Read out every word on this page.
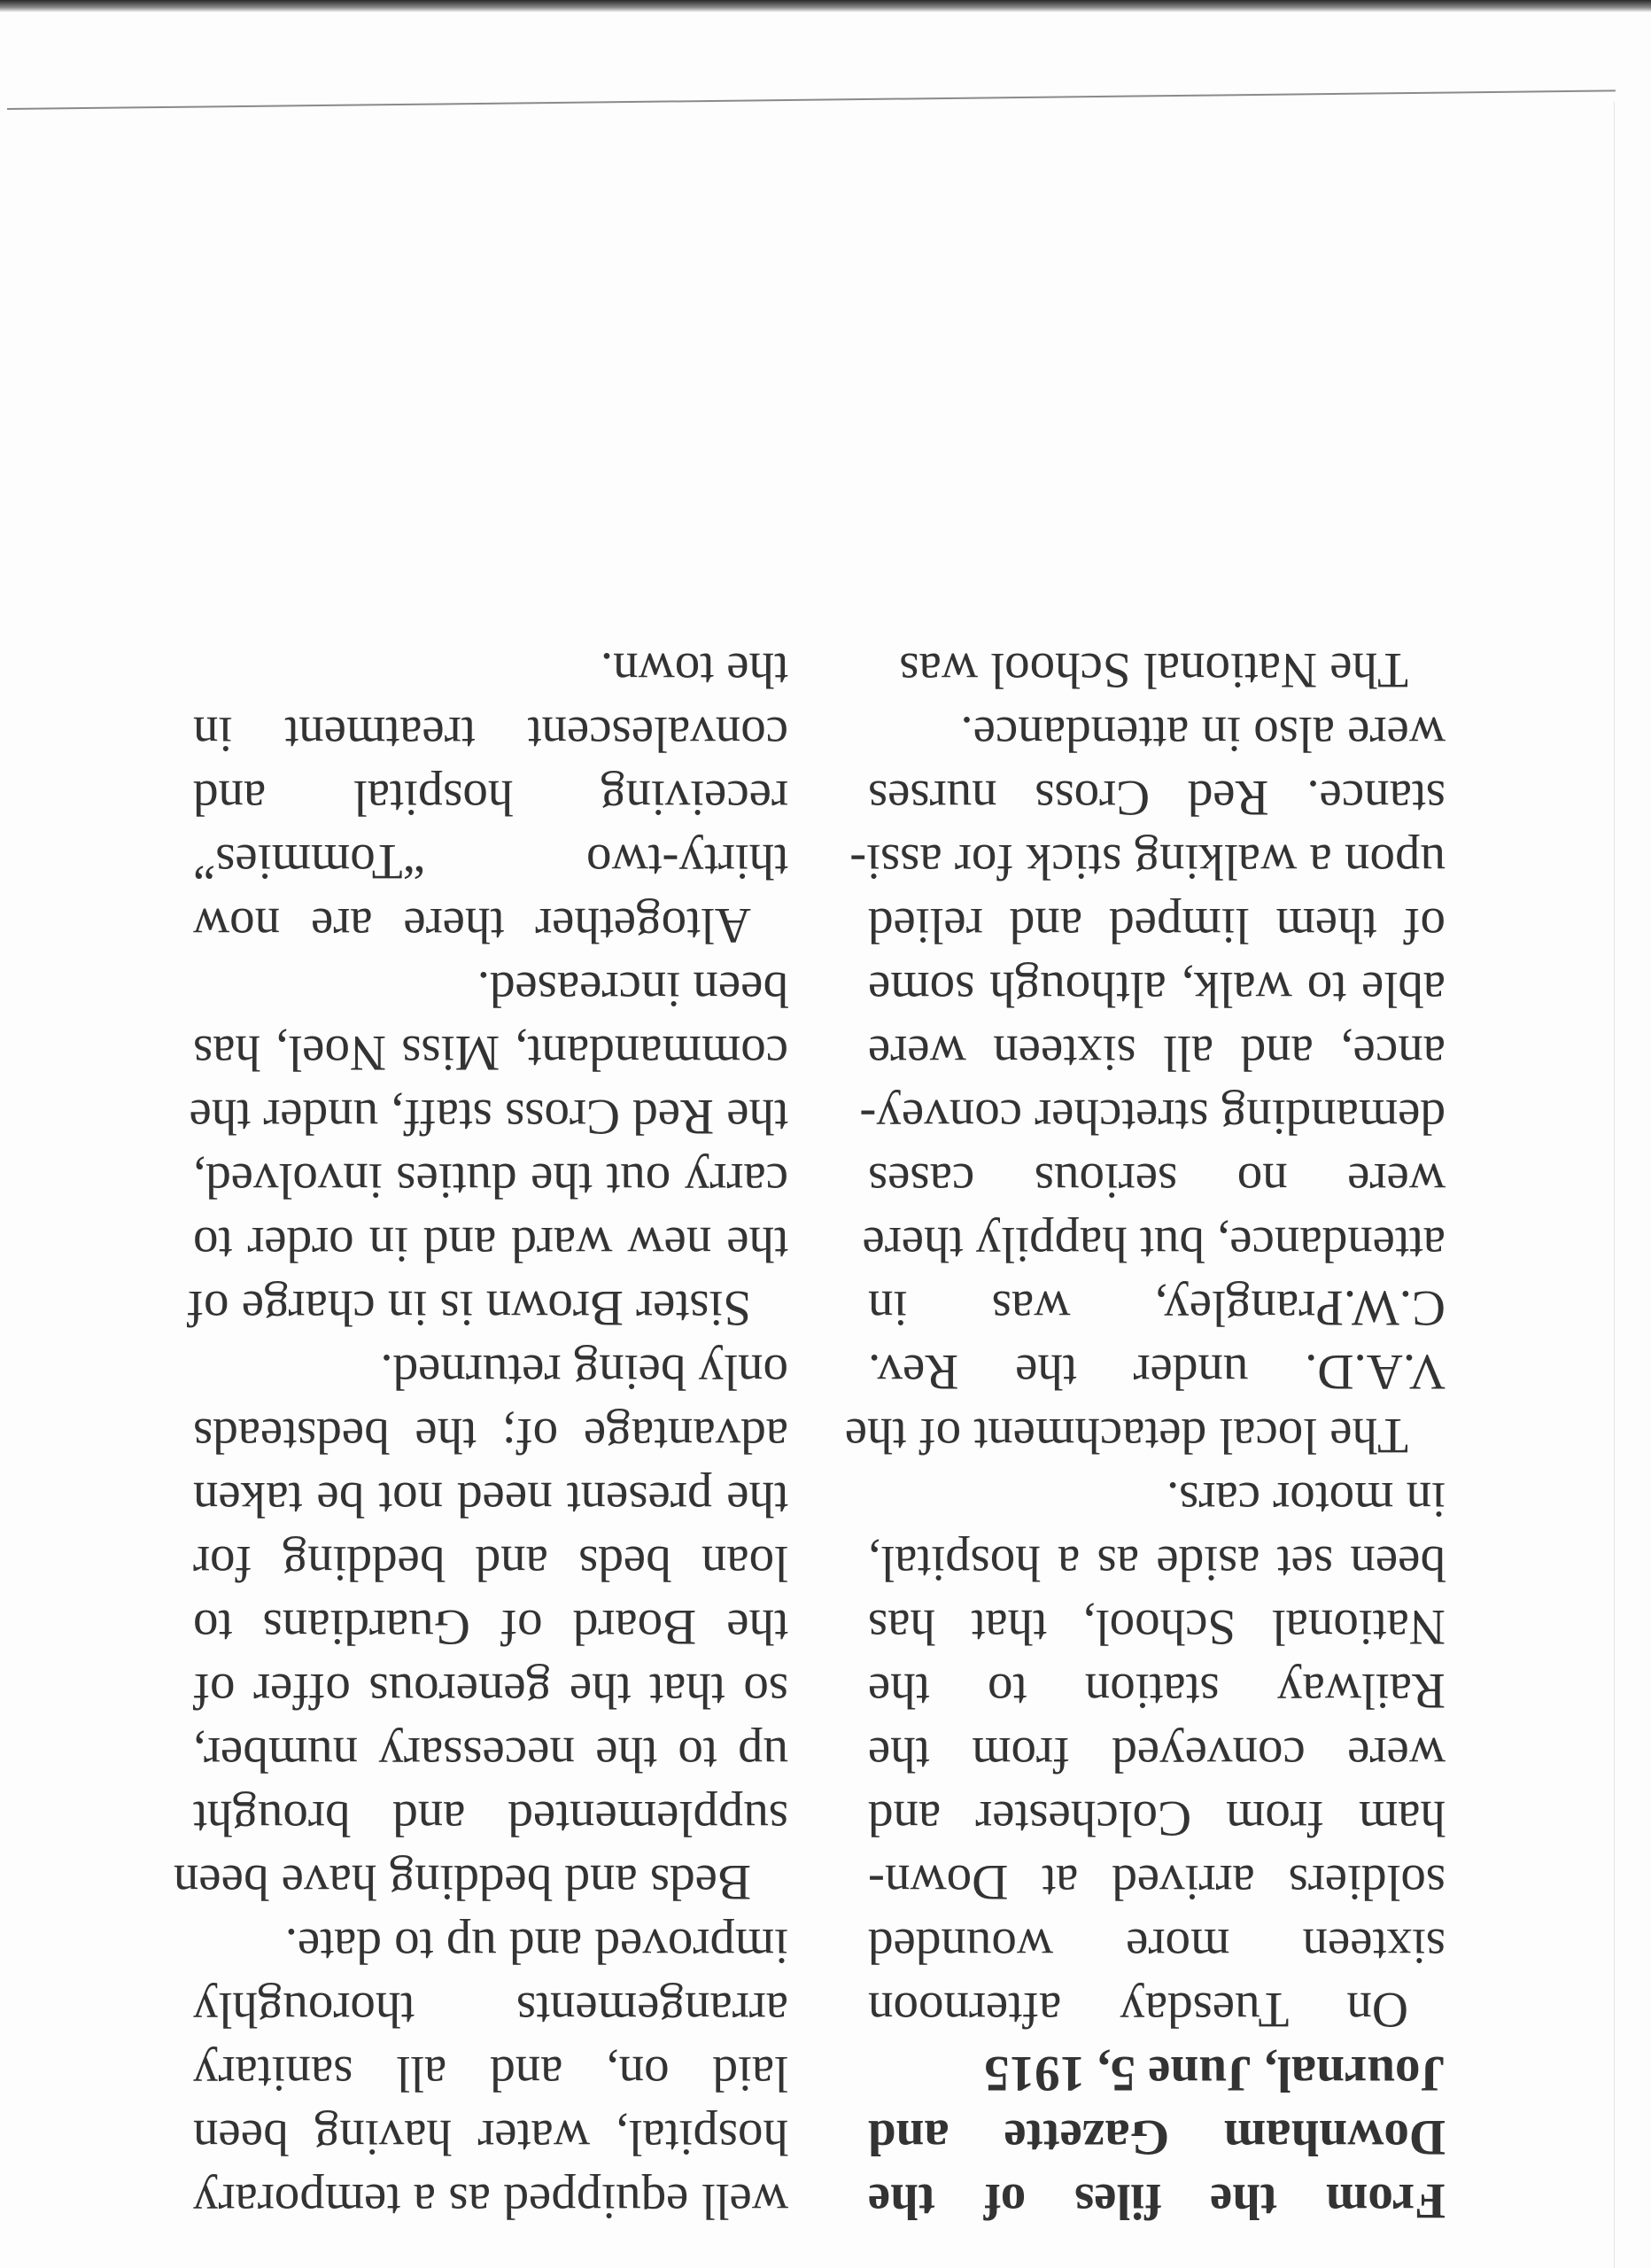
From the files of the
Downham Gazette and
Journal, June 5, 1915
On Tuesday afternoon
sixteen more wounded
soldiers arrived at Down-
ham from Colchester and
were conveyed from the
Railway station to the
National School, that has
been set aside as a hospital,
in motor cars.
The local detachment of the
V.A.D. under the Rev.
C.W.Prangley, was in
attendance, but happily there
were no serious cases
demanding stretcher convey-
ance, and all sixteen were
able to walk, although some
of them limped and relied
upon a walking stick for assi-
stance. Red Cross nurses
were also in attendance.
The National School was
well equipped as a temporary
hospital, water having been
laid on, and all sanitary
arrangements thoroughly
improved and up to date.
Beds and bedding have been
supplemented and brought
up to the necessary number,
so that the generous offer of
the Board of Guardians to
loan beds and bedding for
the present need not be taken
advantage of; the bedsteads
only being returned.
Sister Brown is in charge of
the new ward and in order to
carry out the duties involved,
the Red Cross staff, under the
commandant, Miss Noel, has
been increased.
Altogether there are now
thirty-two “Tommies”
receiving hospital and
convalescent treatment in
the town.
